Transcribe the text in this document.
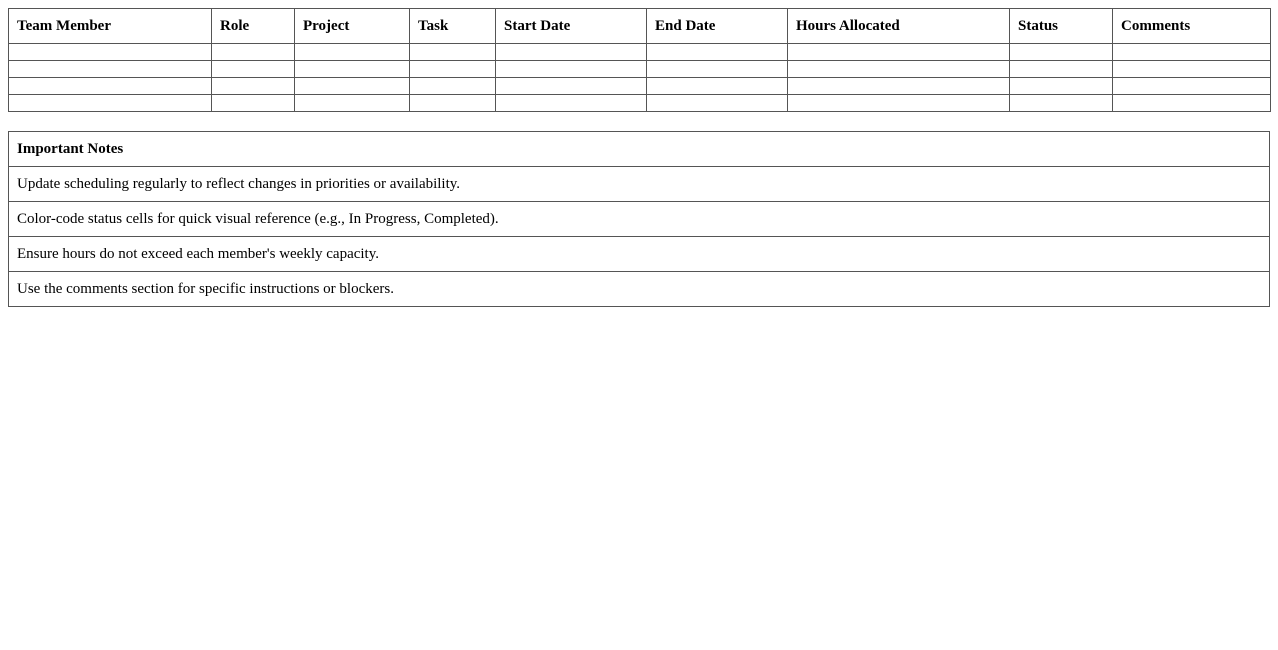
Team Member	Role	Project	Task	Start Date	End Date	Hours Allocated	Status	Comments

Important Notes
Update scheduling regularly to reflect changes in priorities or availability.
Color-code status cells for quick visual reference (e.g., In Progress, Completed).
Ensure hours do not exceed each member's weekly capacity.
Use the comments section for specific instructions or blockers.
